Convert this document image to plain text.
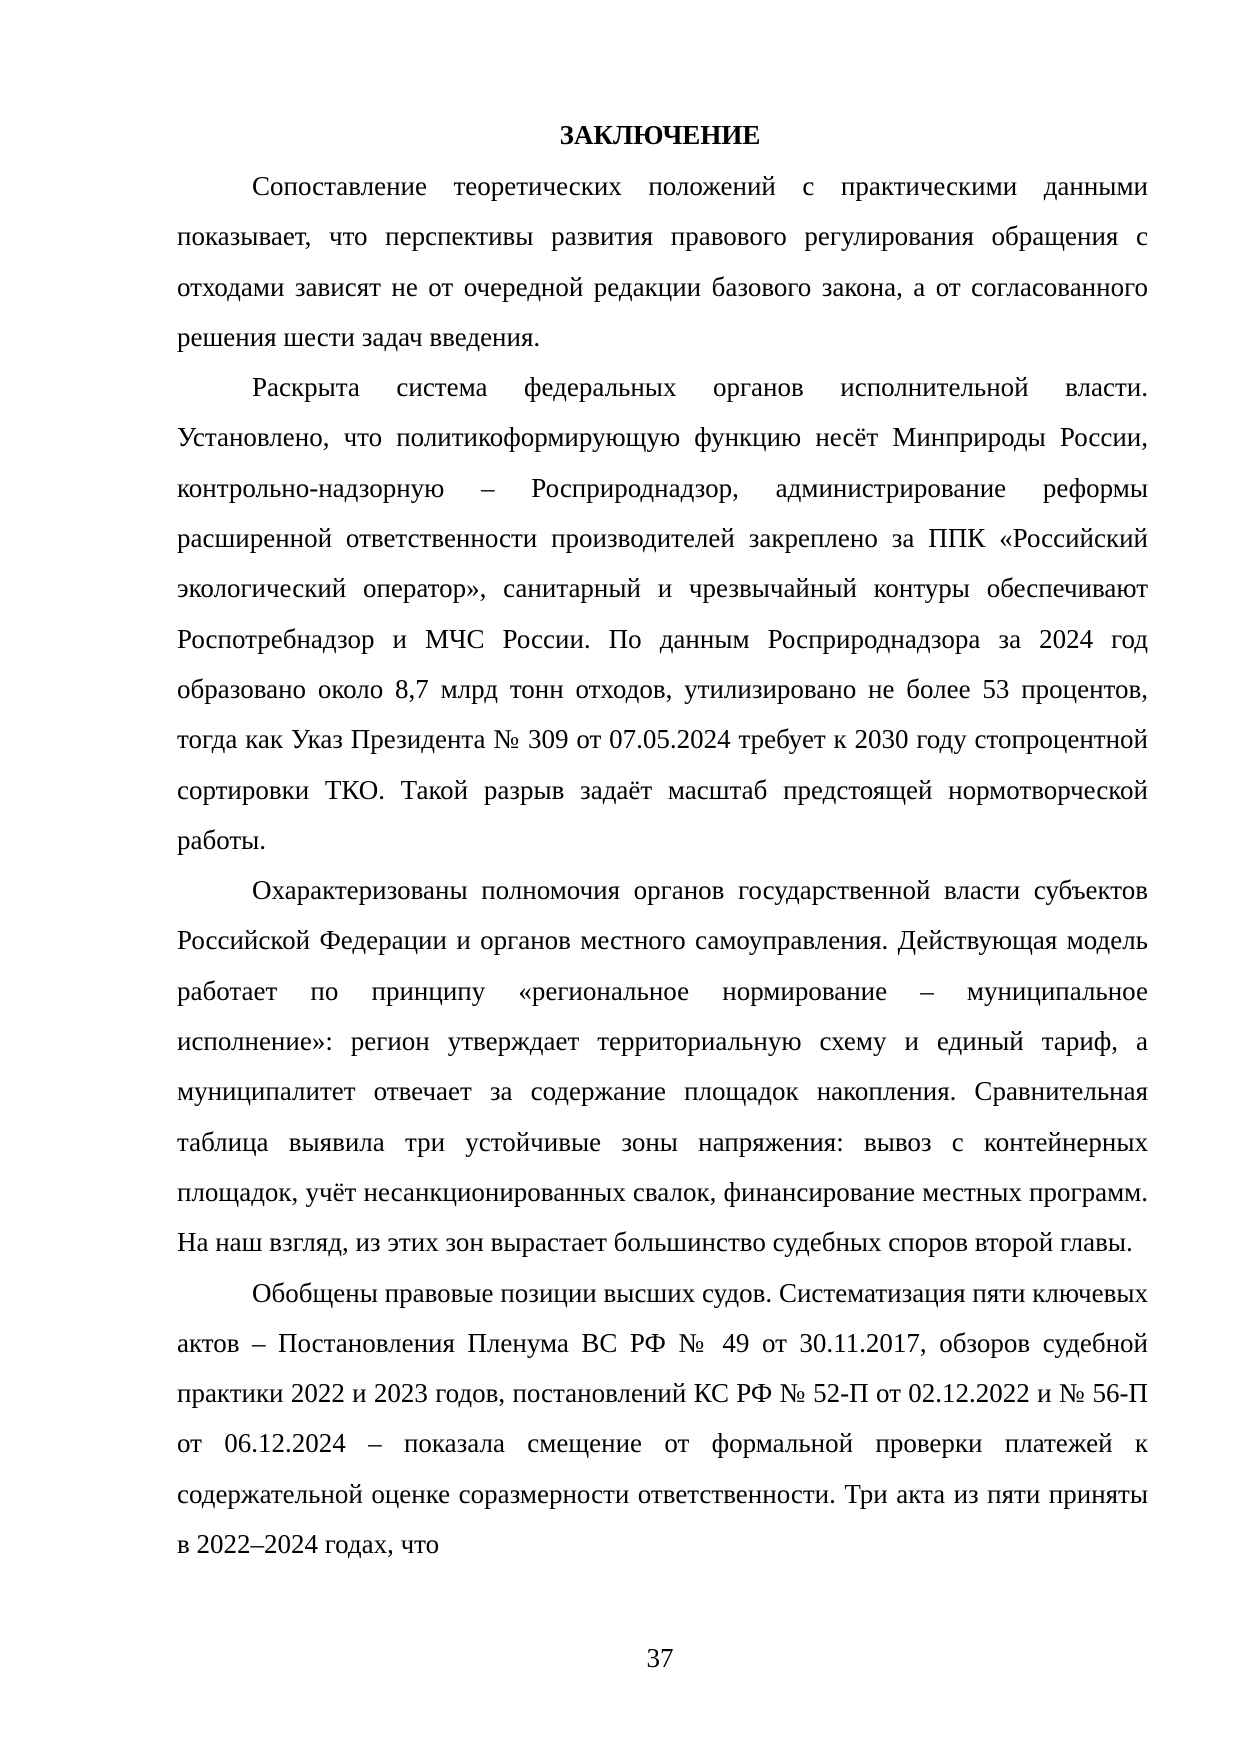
ЗАКЛЮЧЕНИЕ

Сопоставление теоретических положений с практическими данными показывает, что перспективы развития правового регулирования обращения с отходами зависят не от очередной редакции базового закона, а от согласованного решения шести задач введения.

Раскрыта система федеральных органов исполнительной власти. Установлено, что политикоформирующую функцию несёт Минприроды России, контрольно-надзорную – Росприроднадзор, администрирование реформы расширенной ответственности производителей закреплено за ППК «Российский экологический оператор», санитарный и чрезвычайный контуры обеспечивают Роспотребнадзор и МЧС России. По данным Росприроднадзора за 2024 год образовано около 8,7 млрд тонн отходов, утилизировано не более 53 процентов, тогда как Указ Президента № 309 от 07.05.2024 требует к 2030 году стопроцентной сортировки ТКО. Такой разрыв задаёт масштаб предстоящей нормотворческой работы.

Охарактеризованы полномочия органов государственной власти субъектов Российской Федерации и органов местного самоуправления. Действующая модель работает по принципу «региональное нормирование – муниципальное исполнение»: регион утверждает территориальную схему и единый тариф, а муниципалитет отвечает за содержание площадок накопления. Сравнительная таблица выявила три устойчивые зоны напряжения: вывоз с контейнерных площадок, учёт несанкционированных свалок, финансирование местных программ. На наш взгляд, из этих зон вырастает большинство судебных споров второй главы.

Обобщены правовые позиции высших судов. Систематизация пяти ключевых актов – Постановления Пленума ВС РФ № 49 от 30.11.2017, обзоров судебной практики 2022 и 2023 годов, постановлений КС РФ № 52-П от 02.12.2022 и № 56-П от 06.12.2024 – показала смещение от формальной проверки платежей к содержательной оценке соразмерности ответственности. Три акта из пяти приняты в 2022–2024 годах, что

37
